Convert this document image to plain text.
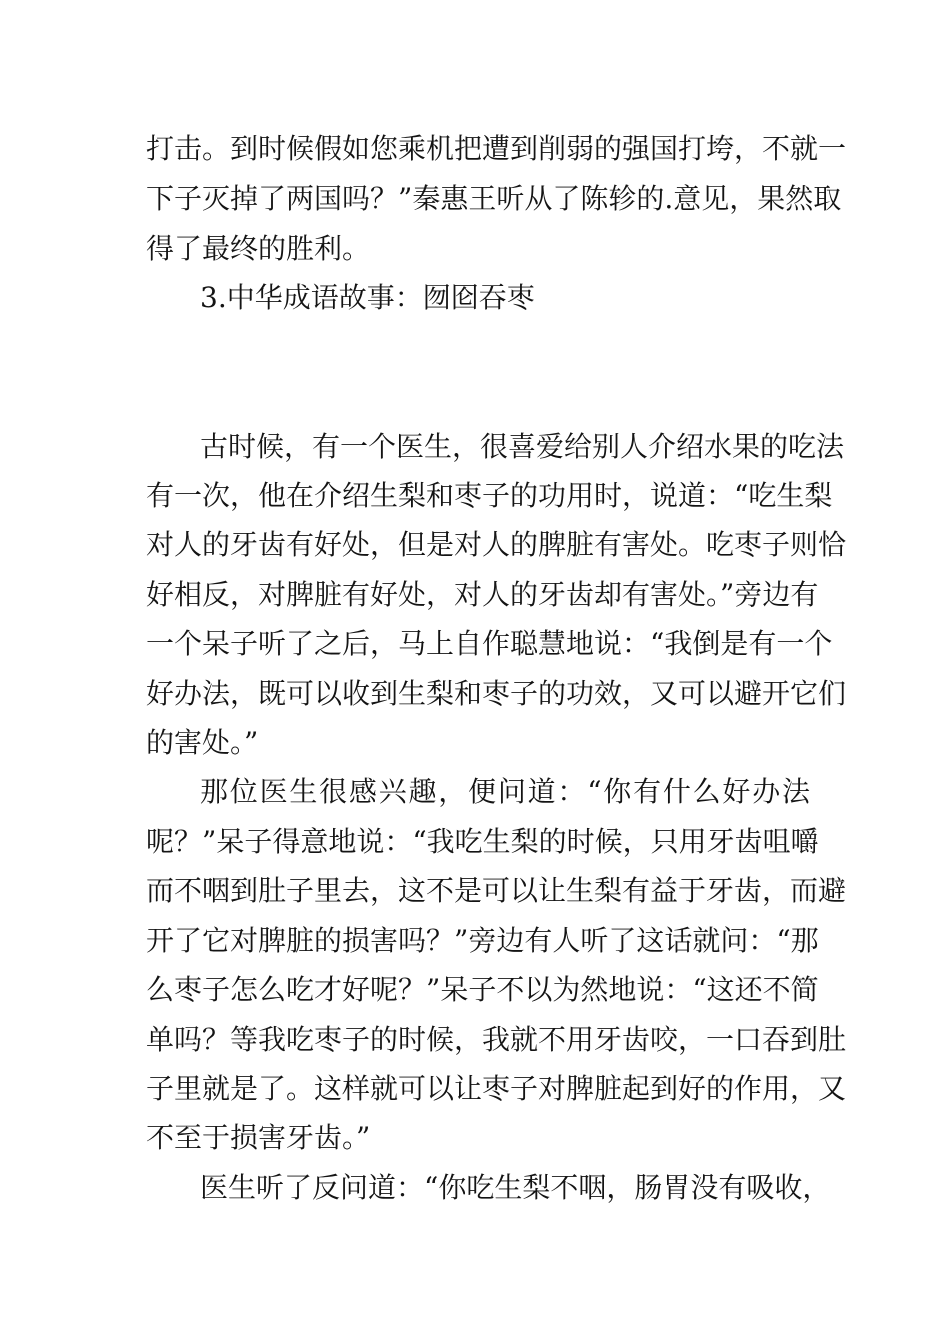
打击。到时候假如您乘机把遭到削弱的强国打垮，不就一

下子灭掉了两国吗？”秦惠王听从了陈轸的.意见，果然取

得了最终的胜利。

3.中华成语故事：囫囵吞枣

古时候，有一个医生，很喜爱给别人介绍水果的吃法

有一次，他在介绍生梨和枣子的功用时，说道：“吃生梨

对人的牙齿有好处，但是对人的脾脏有害处。吃枣子则恰

好相反，对脾脏有好处，对人的牙齿却有害处。”旁边有

一个呆子听了之后，马上自作聪慧地说：“我倒是有一个

好办法，既可以收到生梨和枣子的功效，又可以避开它们

的害处。”

那位医生很感兴趣，便问道：“你有什么好办法

呢？”呆子得意地说：“我吃生梨的时候，只用牙齿咀嚼

而不咽到肚子里去，这不是可以让生梨有益于牙齿，而避

开了它对脾脏的损害吗？”旁边有人听了这话就问：“那

么枣子怎么吃才好呢？”呆子不以为然地说：“这还不简

单吗？等我吃枣子的时候，我就不用牙齿咬，一口吞到肚

子里就是了。这样就可以让枣子对脾脏起到好的作用，又

不至于损害牙齿。”

医生听了反问道：“你吃生梨不咽，肠胃没有吸收，
